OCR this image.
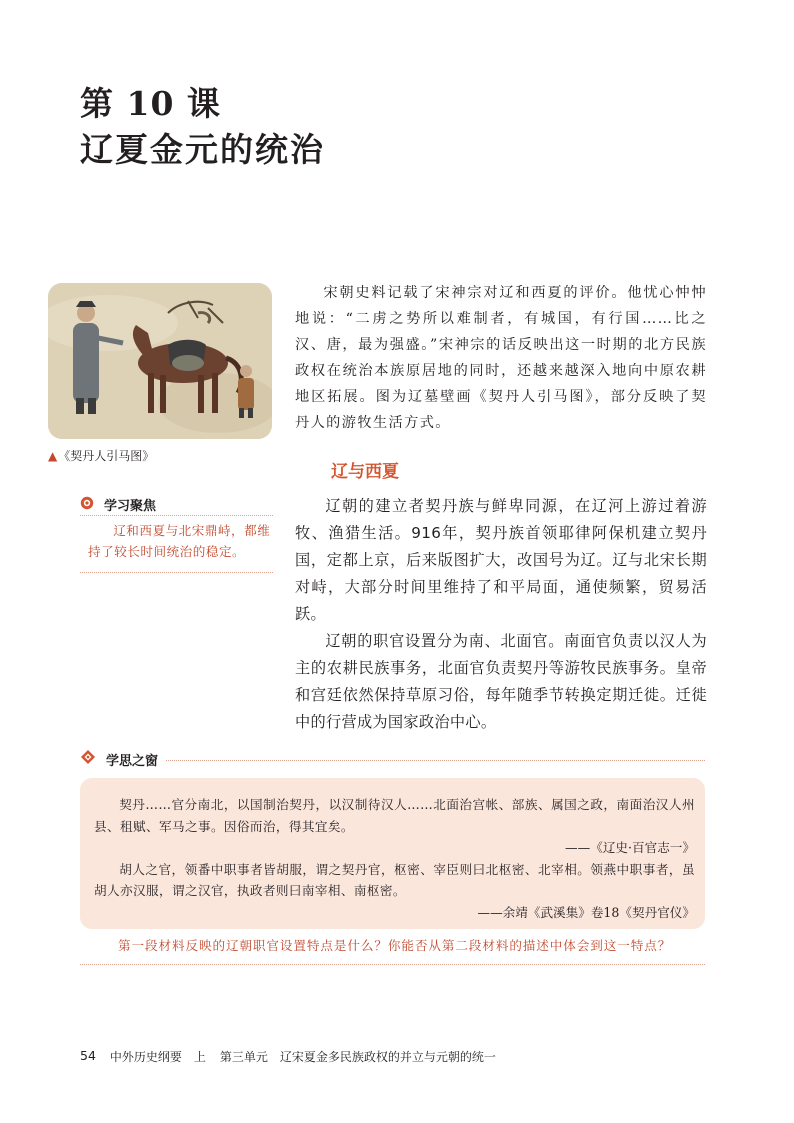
第 10 课
辽夏金元的统治
▲《契丹人引马图》

宋朝史料记载了宋神宗对辽和西夏的评价。他忧心忡忡地说：“二虏之势所以难制者，有城国，有行国……比之汉、唐，最为强盛。”宋神宗的话反映出这一时期的北方民族政权在统治本族原居地的同时，还越来越深入地向中原农耕地区拓展。图为辽墓壁画《契丹人引马图》，部分反映了契丹人的游牧生活方式。

辽与西夏
学习聚焦
辽和西夏与北宋鼎峙，都维持了较长时间统治的稳定。

辽朝的建立者契丹族与鲜卑同源，在辽河上游过着游牧、渔猎生活。916年，契丹族首领耶律阿保机建立契丹国，定都上京，后来版图扩大，改国号为辽。辽与北宋长期对峙，大部分时间里维持了和平局面，通使频繁，贸易活跃。

辽朝的职官设置分为南、北面官。南面官负责以汉人为主的农耕民族事务，北面官负责契丹等游牧民族事务。皇帝和宫廷依然保持草原习俗，每年随季节转换定期迁徙。迁徙中的行营成为国家政治中心。

学思之窗

契丹……官分南北，以国制治契丹，以汉制待汉人……北面治宫帐、部族、属国之政，南面治汉人州县、租赋、军马之事。因俗而治，得其宜矣。

——《辽史·百官志一》

胡人之官，领番中职事者皆胡服，谓之契丹官，枢密、宰臣则曰北枢密、北宰相。领燕中职事者，虽胡人亦汉服，谓之汉官，执政者则曰南宰相、南枢密。

——余靖《武溪集》卷18《契丹官仪》

第一段材料反映的辽朝职官设置特点是什么？你能否从第二段材料的描述中体会到这一特点？

54 中外历史纲要　上 第三单元　辽宋夏金多民族政权的并立与元朝的统一
